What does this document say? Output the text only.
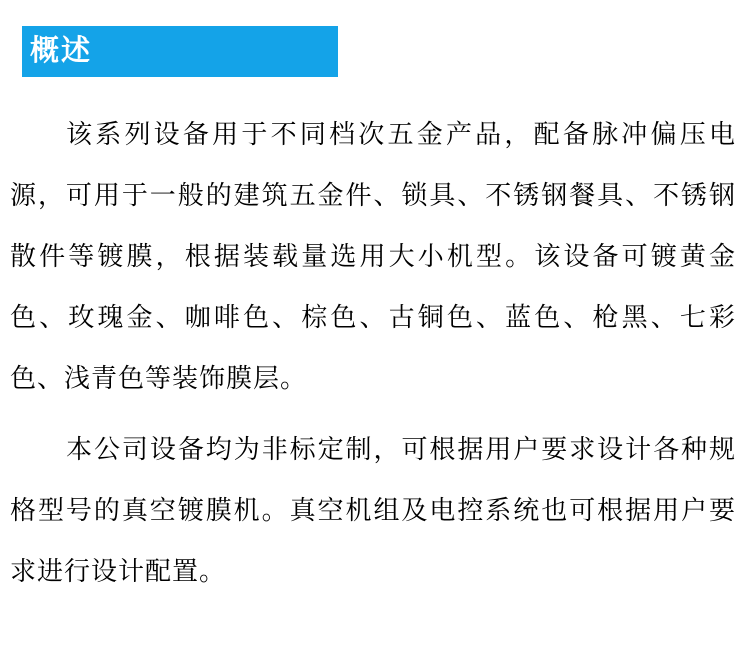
概述

该系列设备用于不同档次五金产品，配备脉冲偏压电源，可用于一般的建筑五金件、锁具、不锈钢餐具、不锈钢散件等镀膜，根据装载量选用大小机型。该设备可镀黄金色、玫瑰金、咖啡色、棕色、古铜色、蓝色、枪黑、七彩色、浅青色等装饰膜层。

本公司设备均为非标定制，可根据用户要求设计各种规格型号的真空镀膜机。真空机组及电控系统也可根据用户要求进行设计配置。
